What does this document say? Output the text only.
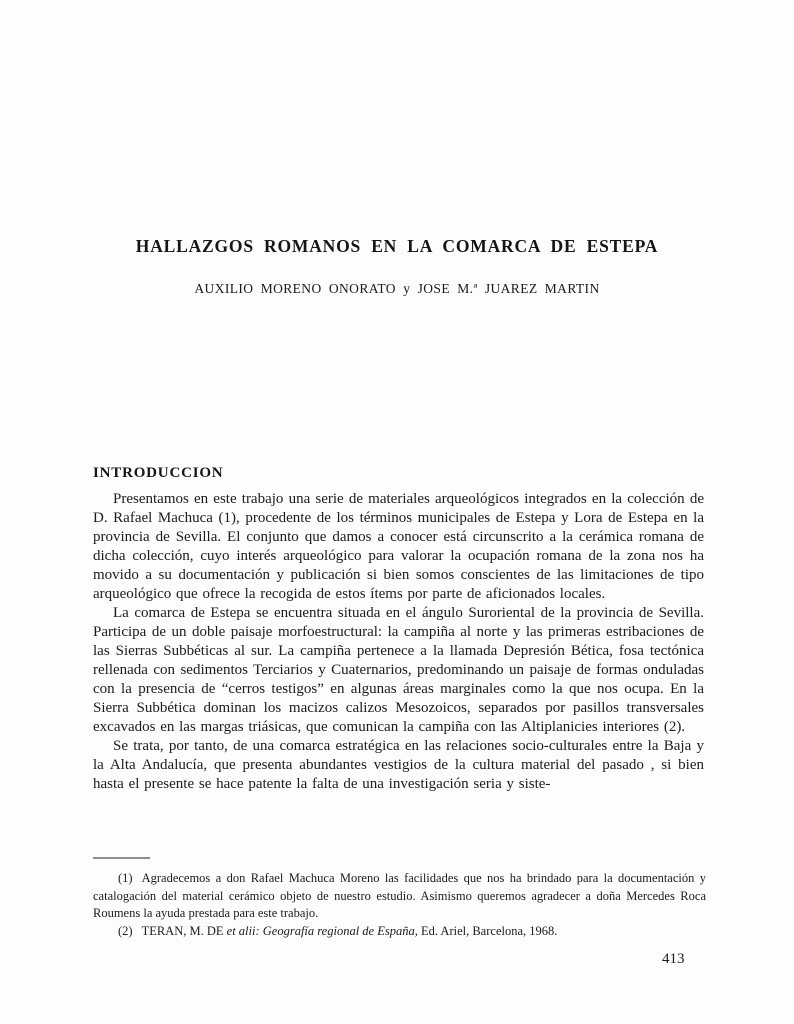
HALLAZGOS ROMANOS EN LA COMARCA DE ESTEPA
AUXILIO MORENO ONORATO y JOSE M.ª JUAREZ MARTIN
INTRODUCCION

Presentamos en este trabajo una serie de materiales arqueológicos integrados en la colección de D. Rafael Machuca (1), procedente de los términos municipales de Estepa y Lora de Estepa en la provincia de Sevilla. El conjunto que damos a conocer está circunscrito a la cerámica romana de dicha colección, cuyo interés arqueológico para valorar la ocupación romana de la zona nos ha movido a su documentación y publicación si bien somos conscientes de las limitaciones de tipo arqueológico que ofrece la recogida de estos ítems por parte de aficionados locales.

La comarca de Estepa se encuentra situada en el ángulo Suroriental de la provincia de Sevilla. Participa de un doble paisaje morfoestructural: la campiña al norte y las primeras estribaciones de las Sierras Subbéticas al sur. La campiña pertenece a la llamada Depresión Bética, fosa tectónica rellenada con sedimentos Terciarios y Cuaternarios, predominando un paisaje de formas onduladas con la presencia de “cerros testigos” en algunas áreas marginales como la que nos ocupa. En la Sierra Subbética dominan los macizos calizos Mesozoicos, separados por pasillos transversales excavados en las margas triásicas, que comunican la campiña con las Altiplanicies interiores (2).

Se trata, por tanto, de una comarca estratégica en las relaciones socio-culturales entre la Baja y la Alta Andalucía, que presenta abundantes vestigios de la cultura material del pasado , si bien hasta el presente se hace patente la falta de una investigación seria y siste-

(1) Agradecemos a don Rafael Machuca Moreno las facilidades que nos ha brindado para la documentación y catalogación del material cerámico objeto de nuestro estudio. Asimismo queremos agradecer a doña Mercedes Roca Roumens la ayuda prestada para este trabajo.

(2) TERAN, M. DE et alii: Geografía regional de España, Ed. Ariel, Barcelona, 1968.

413
